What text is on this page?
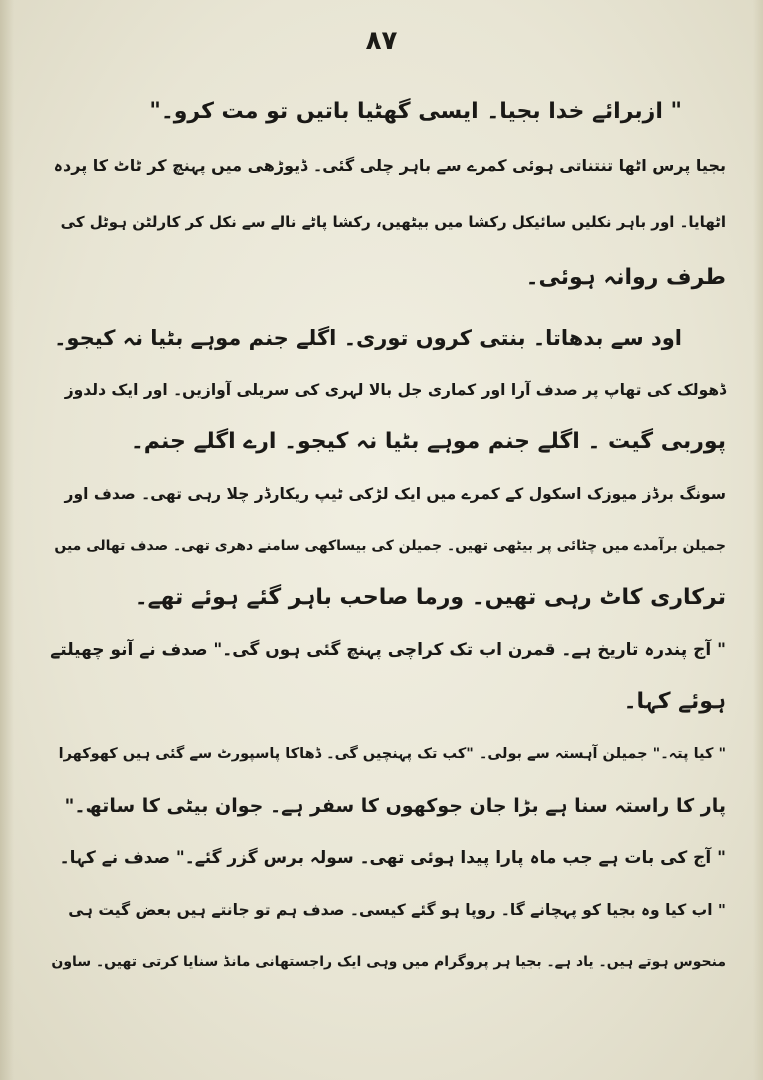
۸۷
" ازبرائے خدا بجیا۔ ایسی گھٹیا باتیں تو مت کرو۔"
بجیا پرس اٹھا تنتناتی ہوئی کمرے سے باہر چلی گئی۔ ڈیوڑھی میں پہنچ کر ٹاٹ کا پردہ
اٹھایا۔ اور باہر نکلیں سائیکل رکشا میں بیٹھیں، رکشا پاٹے نالے سے نکل کر کارلٹن ہوٹل کی
طرف روانہ ہوئی۔
اود سے بدھاتا۔ بنتی کروں توری۔ اگلے جنم موہے بٹیا نہ کیجو۔
ڈھولک کی تھاپ پر صدف آرا اور کماری جل بالا لہری کی سریلی آوازیں۔ اور ایک دلدوز
پوربی گیت ۔ اگلے جنم موہے بٹیا نہ کیجو۔ ارے اگلے جنم۔
سونگ برڈز میوزک اسکول کے کمرے میں ایک لڑکی ٹیپ ریکارڈر چلا رہی تھی۔ صدف اور
جمیلن برآمدے میں چٹائی پر بیٹھی تھیں۔ جمیلن کی بیساکھی سامنے دھری تھی۔ صدف تھالی میں
ترکاری کاٹ رہی تھیں۔ ورما صاحب باہر گئے ہوئے تھے۔
" آج پندرہ تاریخ ہے۔ قمرن اب تک کراچی پہنچ گئی ہوں گی۔" صدف نے آنو چھیلتے
ہوئے کہا۔
" کیا پتہ۔" جمیلن آہستہ سے بولی۔ "کب تک پہنچیں گی۔ ڈھاکا پاسپورٹ سے گئی ہیں کھوکھرا
پار کا راستہ سنا ہے بڑا جان جوکھوں کا سفر ہے۔ جوان بیٹی کا ساتھ۔"
" آج کی بات ہے جب ماہ پارا پیدا ہوئی تھی۔ سولہ برس گزر گئے۔" صدف نے کہا۔
" اب کیا وہ بجیا کو پہچانے گا۔ روپا ہو گئے کیسی۔ صدف ہم تو جانتے ہیں بعض گیت ہی
منحوس ہوتے ہیں۔ یاد ہے۔ بجیا ہر پروگرام میں وہی ایک راجستھانی مانڈ سنایا کرتی تھیں۔ ساون
